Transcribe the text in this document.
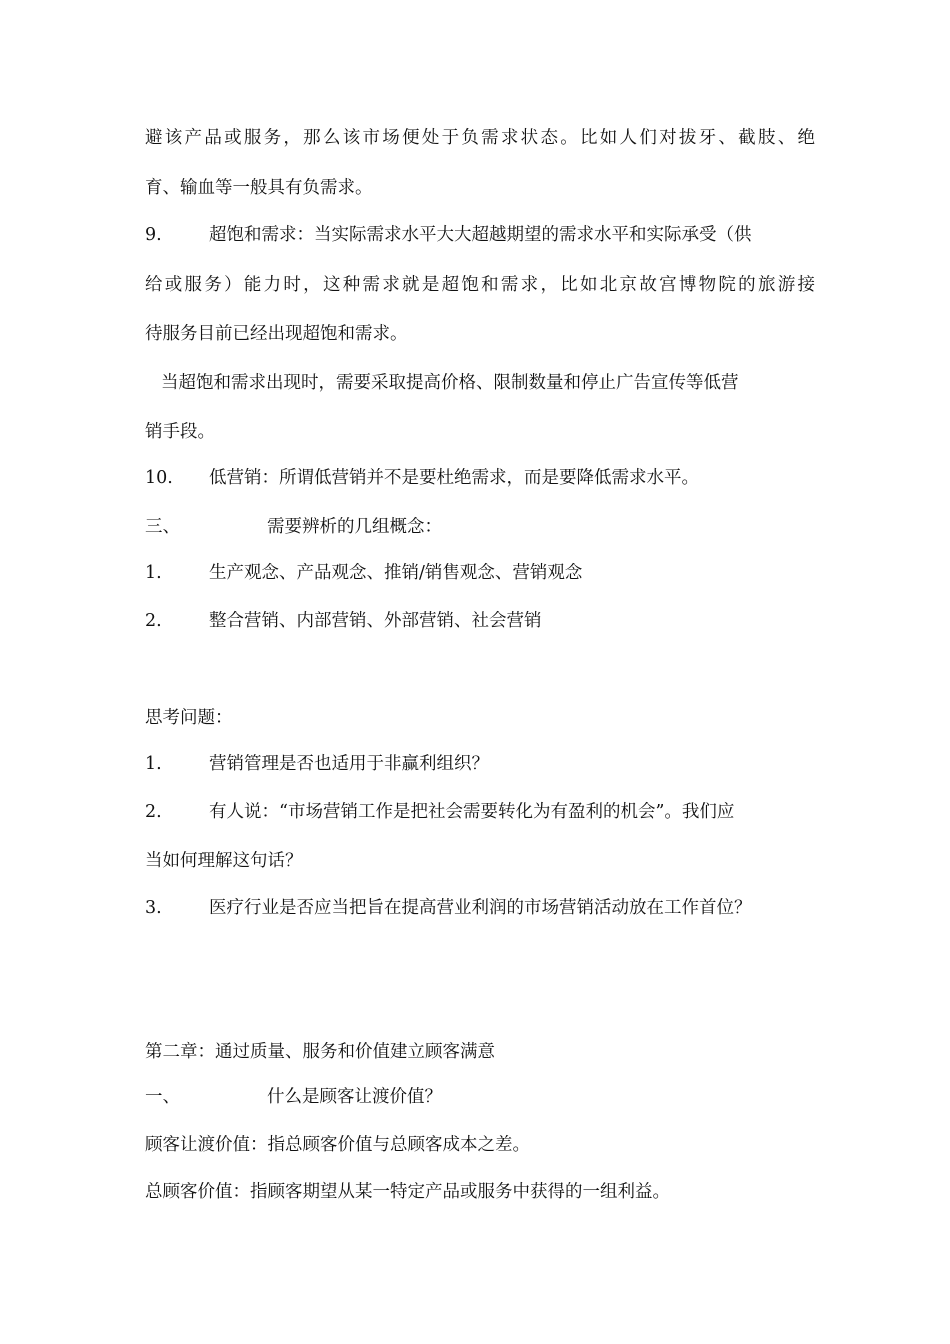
避该产品或服务，那么该市场便处于负需求状态。比如人们对拔牙、截肢、绝
育、输血等一般具有负需求。
9.	超饱和需求：当实际需求水平大大超越期望的需求水平和实际承受（供
给或服务）能力时，这种需求就是超饱和需求，比如北京故宫博物院的旅游接
待服务目前已经出现超饱和需求。
当超饱和需求出现时，需要采取提高价格、限制数量和停止广告宣传等低营
销手段。
10. 低营销：所谓低营销并不是要杜绝需求，而是要降低需求水平。
三、	需要辨析的几组概念：
1.	生产观念、产品观念、推销/销售观念、营销观念
2.	整合营销、内部营销、外部营销、社会营销
思考问题：
1.	营销管理是否也适用于非赢利组织？
2.	有人说：“市场营销工作是把社会需要转化为有盈利的机会”。我们应
当如何理解这句话？
3.	医疗行业是否应当把旨在提高营业利润的市场营销活动放在工作首位？
第二章：通过质量、服务和价值建立顾客满意
一、	什么是顾客让渡价值？
顾客让渡价值：指总顾客价值与总顾客成本之差。
总顾客价值：指顾客期望从某一特定产品或服务中获得的一组利益。
